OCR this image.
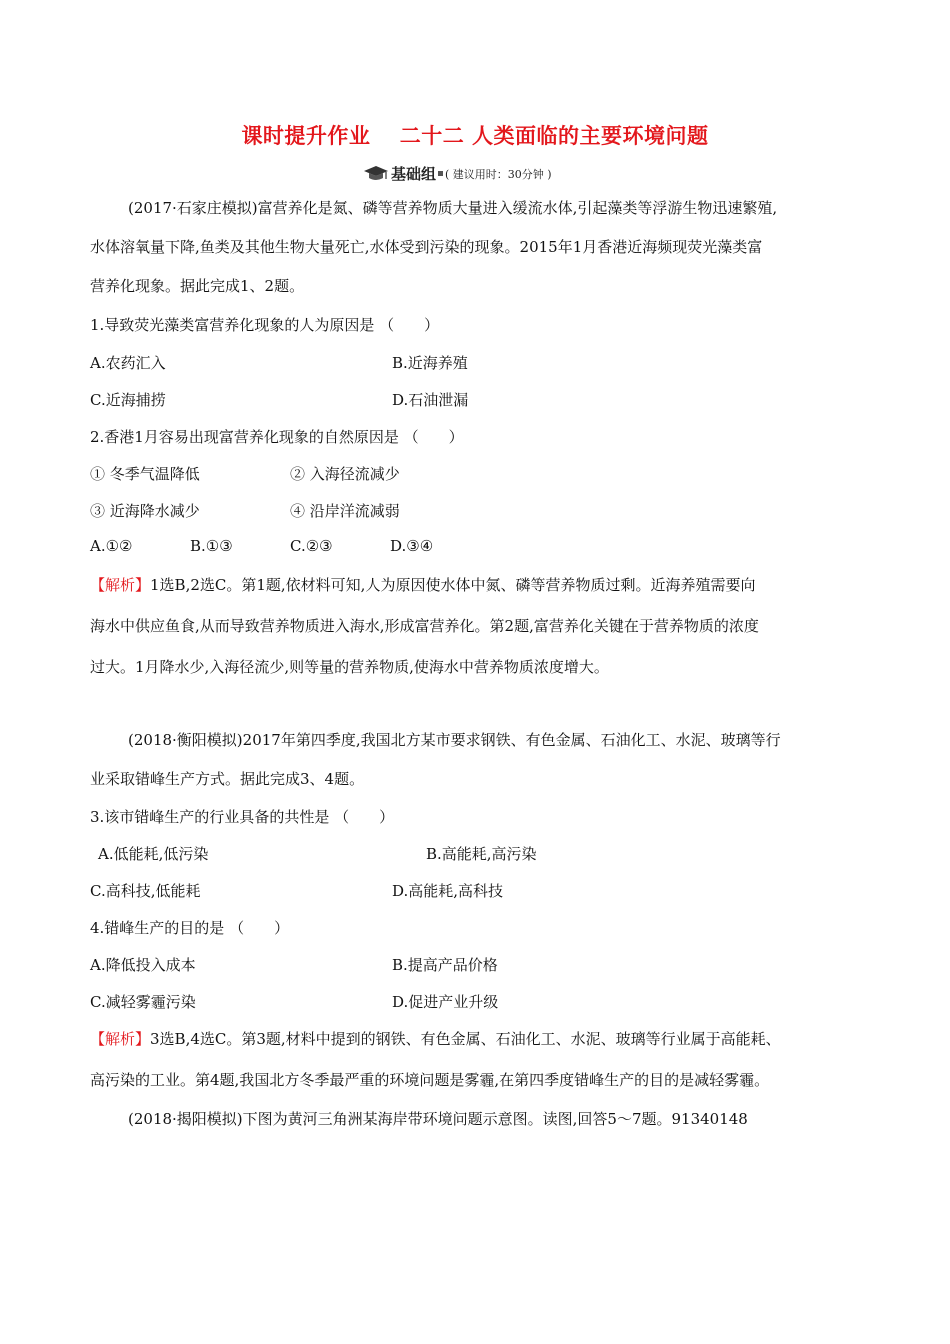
课时提升作业　 二十二 人类面临的主要环境问题
基础组 ( 建议用时：30分钟 )
(2017·石家庄模拟)富营养化是氮、磷等营养物质大量进入缓流水体,引起藻类等浮游生物迅速繁殖,
水体溶氧量下降,鱼类及其他生物大量死亡,水体受到污染的现象。2015年1月香港近海频现荧光藻类富
营养化现象。据此完成1、2题。
1.导致荧光藻类富营养化现象的人为原因是 （　　）
A.农药汇入	B.近海养殖
C.近海捕捞	D.石油泄漏
2.香港1月容易出现富营养化现象的自然原因是 （　　）
① 冬季气温降低	② 入海径流减少
③ 近海降水减少	④ 沿岸洋流减弱
A.①②	B.①③	C.②③	D.③④
【解析】1选B,2选C。第1题,依材料可知,人为原因使水体中氮、磷等营养物质过剩。近海养殖需要向
海水中供应鱼食,从而导致营养物质进入海水,形成富营养化。第2题,富营养化关键在于营养物质的浓度
过大。1月降水少,入海径流少,则等量的营养物质,使海水中营养物质浓度增大。
(2018·衡阳模拟)2017年第四季度,我国北方某市要求钢铁、有色金属、石油化工、水泥、玻璃等行
业采取错峰生产方式。据此完成3、4题。
3.该市错峰生产的行业具备的共性是 （　　）
A.低能耗,低污染	B.高能耗,高污染
C.高科技,低能耗	D.高能耗,高科技
4.错峰生产的目的是 （　　）
A.降低投入成本	B.提高产品价格
C.减轻雾霾污染	D.促进产业升级
【解析】3选B,4选C。第3题,材料中提到的钢铁、有色金属、石油化工、水泥、玻璃等行业属于高能耗、
高污染的工业。第4题,我国北方冬季最严重的环境问题是雾霾,在第四季度错峰生产的目的是减轻雾霾。
(2018·揭阳模拟)下图为黄河三角洲某海岸带环境问题示意图。读图,回答5～7题。91340148
